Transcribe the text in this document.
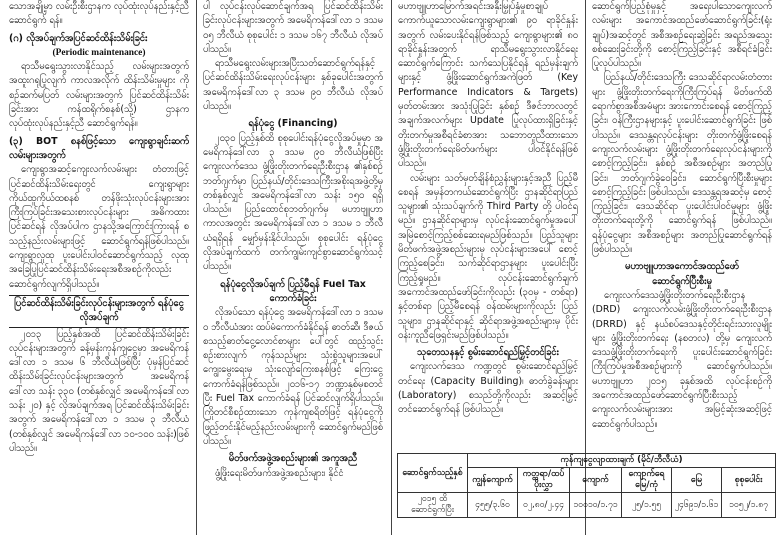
သောအချို့မှာ လမ်းဦးစီးဌာနက လုပ်ထုံးလုပ်နည်းနှင့်ညီ ဆောင်ရွက် ရန်။

(ဂ) လိုအပ်ချက်အပြင်ဆင်ထိန်းသိမ်းခြင်း

(Periodic maintenance)

ရာသီမရွေးသွားလာနိုင်သည့် လမ်းများအတွက် အထူးဂရုပြုလျက် ကာလအလိုက် ထိန်းသိမ်းမှုများ ကိုစဉ်ဆက်မပြတ် လမ်းများအတွက် ပြင်ဆင်ထိန်းသိမ်းခြင်းအား ကန်ထရိုက်စနစ်(သို့) ဌာနက လုပ်ထုံးလုပ်နည်းနှင့်ညီ ဆောင်ရွက်ရန်။

(၃) BOT စနစ်ဖြင့်သော ကျေးရွာချင်းဆက် လမ်းများအတွက်

ကျေးရွာအဆင့်ကျေးလက်လမ်းများ တံတားဖြင့်ပြင်ဆင်ထိန်းသိမ်းရေးတွင် ကျေးရွာများ ကိုယ်ထူကိုယ်ထစနစ် တန်ဖိုးသုံးလုပ်ငန်းများအား ကြီးကြပ်ခြင်းအသေးစားလုပ်ငန်းများ အဓိကထားပြင်ဆင်ရန် လိုအပ်ပါက ဌာနသို့အကြောင်းကြားရန် စသည့်နည်းလမ်းများဖြင့် ဆောင်ရွက်ရန်ဖြစ်ပါသည်။ ကျေးရွာလူထု ပူးပေါင်းပါဝင်ဆောင်ရွက်သည့် လုထုအခြေပြုပြင်ဆင်ထိန်းသိမ်းရေးအစီအစဉ်ကိုလည်း ဆောင်ရွက်လျက်ရှိပါသည်။

ပြင်ဆင်ထိန်းသိမ်းခြင်းလုပ်ငန်းများအတွက် ရန်ပုံငွေလိုအပ်ချက်

၂၀၁၃ ပြည့်နှစ်အထိ ပြင်ဆင်ထိန်းသိမ်းခြင်း လုပ်ငန်းများအတွက် ခန့်မှန်းကုန်ကျငွေမှာ အမေရိကန်ဒေါ်လာ ၁ ဒသမ ၆ ဘီလီယံဖြစ်ပြီး ပုံမှန်ပြင်ဆင်ထိန်းသိမ်းခြင်းလုပ်ငန်းများအတွက် အမေရိကန်ဒေါ်လာ သန်း ၃၃၀ (တစ်နှစ်လျှင် အမေရိကန်ဒေါ်လာ သန်း ၂၀) နှင့် လိုအပ်ချက်အရ ပြင်ဆင်ထိန်းသိမ်းခြင်းအတွက် အမေရိကန်ဒေါ်လာ ၁ ဒသမ ၃ ဘီလီယံ (တစ်နှစ်လျှင် အမေရိကန်ဒေါ်လာ ၁၀-၁၀၀ သန်း)ဖြစ်ပါသည်။

ပါ လုပ်ငန်းလုပ်ဆောင်ချက်အရ ပြင်ဆင်ထိန်းသိမ်းခြင်းလုပ်ငန်းများအတွက် အမေရိကန်ဒေါ်လာ ၁ ဒသမ ၀၅ ဘီလီယံ စုစုပေါင်း ၁ ဒသမ ၁၆၇ ဘီလီယံ လိုအပ်ပါသည်။

ရာသီမရွေးလမ်းများအပြီးသတ်ဆောင်ရွက်ရန်နှင့် ပြင်ဆင်ထိန်းသိမ်းရေးလုပ်ငန်းများ နှစ်ခုပေါင်းအတွက် အမေရိကန်ဒေါ်လာ ၃ ဒသမ ၉၀ ဘီလီယံ လိုအပ်ပါသည်။

ရန်ပုံငွေ (Financing)

၂၀၃၀ ပြည့်နှစ်ထိ စုစုပေါင်းရန်ပုံငွေလိုအပ်မှုမှာ အမေရိကန်ဒေါ်လာ ၃ ဒသမ ၉၀ ဘီလီယံဖြစ်ပြီး ကျေးလက်ဒေသ ဖွံ့ဖြိုးတိုးတက်ရေးဦးစီးဌာန ၏နှစ်စဉ်ဘတ်ဂျက်မှာ ပြည်နယ်/တိုင်းဒေသကြီးအစိုးရအဖွဲ့တို့မှ တစ်နှစ်လျှင် အမေရိကန်ဒေါ်လာ သန်း ၁၅၀ ရရှိပါသည်။ ပြည်ထောင်စုဘတ်ဂျက်မှ မဟာဗျူဟာကာလအတွင်း အမေရိကန်ဒေါ်လာ ၁ ဒသမ ၁ ဘီလီယံရရှိရန် မျှော်မှန်းနိုင်ပါသည်။ စုစုပေါင်း ရန်ပုံငွေလိုအပ်ချက်ထက် တက်ကျွမ်းကျင်စွာဆောင်ရွက်သင့်ပါသည်။

ရန်ပုံငွေလိုအပ်ချက် ပြည့်မီရန် Fuel Tax ကောက်ခံခြင်း

လိုအပ်သော ရန်ပုံငွေ အမေရိကန်ဒေါ်လာ ၁ ဒသမ ၀ ဘီလီယံအား ထပ်မံကောက်ခံနိုင်ရန် ဓာတ်ဆီ၊ ဒီဇယ်စသည့်ဓာတ်ငွေ့လောင်စာများ ပေါ်တွင် ထည့်သွင်းစဉ်းစားလျက် ကုန်သည်များ သုံးစွဲသူများအပေါ် ကျွေးမွေးရေးမှ သုံးလျော်ကြေးစနစ်ဖြင့် ကြေးငွေကောက်ခံရန်ဖြစ်သည်။ ၂၀၁၆-၁၇ ဘဏ္ဍာနှစ်မှစတင်ပြီး Fuel Tax ကောက်ခံရန် ပြင်ဆင်လျက်ရှိပါသည်။ ကြိုတင်စီစဉ်ထားသော ကုန်ကျစရိတ်ဖြင့် ရန်ပုံငွေကို ဖြည့်တင်းနိုင်မည့်နည်းလမ်းများကို ဆောင်ရွက်မည်ဖြစ်ပါသည်။

မိတ်ဖက်အဖွဲ့အစည်းများ၏ အကူအညီ

ဖွံ့ဖြိုးရေးမိတ်ဖက်အဖွဲ့အစည်းများ၊ နိုင်ငံ

မဟာဗျူဟာမြောက်အရင်းအနှီးမြှုပ်နှံမှုစာချုပ်ကောက်ယူသောလမ်းကျေးရွာများ၏ ၉၀ ရာခိုင်နှုန်းအတွက် လမ်းပေးနိုင်ရန်ဖြစ်သည့် ကျေးရွာများ၏ ၈၀ ရာခိုင်နှုန်းအတွက် ရာသီမရွေးသွားလာနိုင်ရေး ဆောင်ရွက်ကြောင်း သက်သေပြနိုင်ရန် ရည်မှန်းချက်များနှင့် ဖွံ့ဖြိုးဆောင်ရွက်အကဲဖြတ် (Key Performance Indicators & Targets) မှတ်တမ်းအား အသုံးပြုခြင်း နှစ်စဉ် ဒီဇင်ဘာလတွင် အချက်အလက်များ Update ပြုလုပ်ထားရှိခြင်းနှင့် တိုးတက်မှုအစီရင်ခံစာအား သဘောတူညီထားသော ဖွံ့ဖြိုးတိုးတက်ရေးမိတ်ဖက်များ ပါဝင်နိုင်ရန်ဖြစ်ပါသည်။

လမ်းများ သတ်မှတ်ချိန်စံညွှန်းများနှင့်အညီ ပြည့်မီစေရန် အမှန်တကယ်ဆောင်ရွက်ပြီး ဌာနဆိုင်ရာပြည်သူများ၏ သုံးသပ်ချက်ကို Third Party တို့ ပါဝင်ရမည်။ ဌာနဆိုင်ရာများမှ လုပ်ငန်းဆောင်ရွက်မှုအပေါ် အမြဲစောင့်ကြည့်စစ်ဆေးရမည်ဖြစ်သည်။ ပြည်သူများ မိတ်ဖက်အဖွဲ့အစည်းများမှ လုပ်ငန်းများအပေါ် စောင့်ကြည့်စေခြင်း၊ သက်ဆိုင်ရာဌာနများ ပူးပေါင်းပြီးကြည့်ရှုမည်။ လုပ်ငန်းဆောင်ရွက်ချက်အကောင်အထည်ဖော်ခြင်းကိုလည်း (၃၀မှ - တစ်ရာ) နှင့်တစ်ရာ ပြည့်မီစေရန် ဝန်ထမ်းများကိုလည်း ပြည်သူများ၊ ဌာနဆိုင်ရာနှင့် ဆိုင်ရာအဖွဲ့အစည်းများမှ ပိုင်းဝန်းကူညီဖြေရှင်းမည်ဖြစ်ပါသည်။

သုတေသနနှင့် စွမ်းဆောင်ရည်မြှင့်တင်ခြင်း

ကျေးလက်ဒေသ ကဏ္ဍတွင် စွမ်းဆောင်ရည်မြှင့်တင်ရေး (Capacity Building)၊ ဓာတ်ခွဲခန်းများ (Laboratory) စသည်တို့ကိုလည်း အဆင့်မြှင့်တင်ဆောင်ရွက်ရန် ဖြစ်ပါသည်။

ဆောင်ရွက်ပြည့်စုံမှုနှင့် အရေးပါသောကျေးလက်လမ်းများ အကောင်အထည်ဖော်ဆောင်ရွက်ခြင်း(ရုံးချုပ်)အဆင့်တွင် အစီအစဉ်ရေးဆွဲခြင်း အရည်အသွေးစစ်ဆေးခြင်းတို့ကို စောင့်ကြည့်ခြင်းနှင့် အစီရင်ခံခြင်းပြုလုပ်ပါသည်။

ပြည်နယ်/တိုင်းဒေသကြီး ဒေသဆိုင်ရာလမ်းတံတားများ ဖွံ့ဖြိုးတိုးတက်ရေးကိုကြီးကြပ်ရန် မိတ်ဖက်ထိရောက်စွာအစီအမံများ အားကောင်းစေရန် စောင့်ကြည့်ခြင်း၊ ဝန်ကြီးဌာနများနှင့် ပူးပေါင်းဆောင်ရွက်ခြင်း ဖြစ်ပါသည်။ ဒေသန္တရလုပ်ငန်းများ တိုးတက်ဖွံ့ဖြိုးစေရန် ကျေးလက်လမ်းများ ဖွံ့ဖြိုးတိုးတက်ရေးလုပ်ငန်းများကို စောင့်ကြည့်ခြင်း၊ နှစ်စဉ် အစီအစဉ်များ အတည်ပြုခြင်း၊ ဘတ်ဂျက်ခွဲဝေခြင်း၊ ဆောင်ရွက်ပြီးစီးမှုများ စောင့်ကြည့်ခြင်း ဖြစ်ပါသည်။ ဒေသန္တရအဆင့်မှ စောင့်ကြည့်ခြင်း၊ ဒေသဆိုင်ရာ ပူးပေါင်းပါဝင်မှုများ ဖွံ့ဖြိုးတိုးတက်ရေးတို့ကို ဆောင်ရွက်ရန် ဖြစ်ပါသည်။ ရန်ပုံငွေများ အစီအစဉ်များ အတည်ပြုဆောင်ရွက်ရန် ဖြစ်ပါသည်။

မဟာဗျူဟာအကောင်အထည်ဖော်

ဆောင်ရွက်ပြီးစီးမှု

ကျေးလက်ဒေသဖွံ့ဖြိုးတိုးတက်ရေးဦးစီးဌာန (DRD) ကျေးလက်လမ်းဖွံ့ဖြိုးတိုးတက်ရေးဦးစီးဌာန (DRRD) နှင့် နယ်စပ်ဒေသနှင့်တိုင်းရင်းသားလူမျိုးများ ဖွံ့ဖြိုးတိုးတက်ရေး (နစတလ) တို့မှ ကျေးလက်ဒေသဖွံ့ဖြိုးတိုးတက်ရေးကို ပူးပေါင်းဆောင်ရွက်ခြင်း ကြီးကြပ်မှုအစီအစဉ်များကို ဆောင်ရွက်ပါသည်။ မဟာဗျူဟာ ၂၀၁၅ ခုနှစ်အထိ လုပ်ငန်းစဉ်ကို အကောင်အထည်ဖော်ဆောင်ရွက်ပြီးစီးသည့် ကျေးလက်လမ်းများအား အမြင့်ဆုံးအဆင့်ဖြင့်ဆောင်ရွက်ပါသည်။

ဆောင်ရွက်သည့်နှစ်	ကုန်ကျငွေလျာထားချက် (မိုင်/ဘီလီယံ)					
	ကျွန်ကျောက်	ကတ္တရာ/ထပ်ပိုးလွှာ	ကျောက်	ကျောက်ရေမြေ/ကုံ	မြေ	စုစုပေါင်း
၂၀၁၅ ထိ ဆောင်ရွက်ပြီး	၄၅၅/၃.၆၀	၀၂,၈၀/၂.၄၄	၁၀၀၁၀/၁.၇၁	၂၅/၁.၅၅	၂၄၆၉၁/၁.၆၁	၁၀၅၂/၁.၈၇
